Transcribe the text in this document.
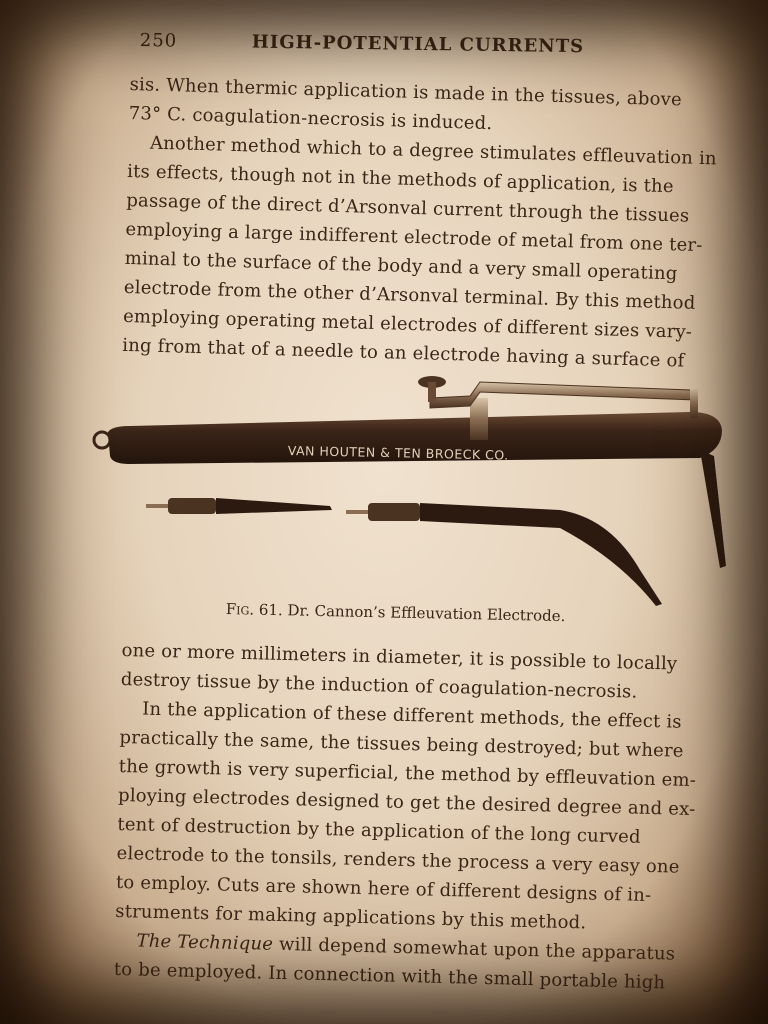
250	HIGH-POTENTIAL CURRENTS
sis. When thermic application is made in the tissues, above
73° C. coagulation-necrosis is induced.
Another method which to a degree stimulates effleuvation in
its effects, though not in the methods of application, is the
passage of the direct d’Arsonval current through the tissues
employing a large indifferent electrode of metal from one ter-
minal to the surface of the body and a very small operating
electrode from the other d’Arsonval terminal. By this method
employing operating metal electrodes of different sizes vary-
ing from that of a needle to an electrode having a surface of
VAN HOUTEN & TEN BROECK CO.
Fig. 61. Dr. Cannon’s Effleuvation Electrode.
one or more millimeters in diameter, it is possible to locally
destroy tissue by the induction of coagulation-necrosis.
In the application of these different methods, the effect is
practically the same, the tissues being destroyed; but where
the growth is very superficial, the method by effleuvation em-
ploying electrodes designed to get the desired degree and ex-
tent of destruction by the application of the long curved
electrode to the tonsils, renders the process a very easy one
to employ. Cuts are shown here of different designs of in-
struments for making applications by this method.
The Technique will depend somewhat upon the apparatus
to be employed. In connection with the small portable high
